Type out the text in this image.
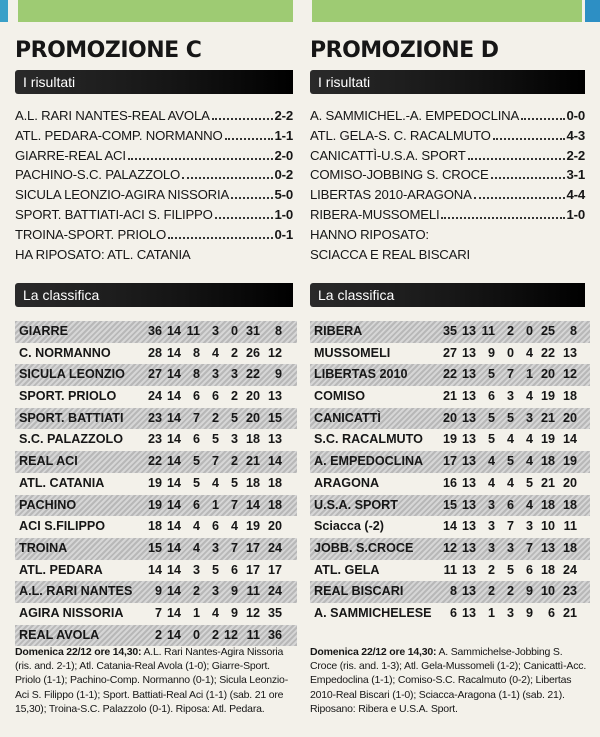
PROMOZIONE C
I risultati
A.L. RARI NANTES-REAL AVOLA	2-2
ATL. PEDARA-COMP. NORMANNO	1-1
GIARRE-REAL ACI	2-0
PACHINO-S.C. PALAZZOLO	0-2
SICULA LEONZIO-AGIRA NISSORIA	5-0
SPORT. BATTIATI-ACI S. FILIPPO	1-0
TROINA-SPORT. PRIOLO	0-1
HA RIPOSATO: ATL. CATANIA
La classifica
GIARRE	36 14 11 3 0 31	8
C. NORMANNO	28 14 8 4 2 26 12
SICULA LEONZIO	27 14 8 3 3 22	9
SPORT. PRIOLO	24 14 6 6 2 20 13
SPORT. BATTIATI	23 14 7 2 5 20 15
S.C. PALAZZOLO	23 14 6 5 3 18 13
REAL ACI	22 14 5 7 2 21 14
ATL. CATANIA	19 14 5 4 5 18 18
PACHINO	19 14 6 1 7 14 18
ACI S.FILIPPO	18 14 4 6 4 19 20
TROINA	15 14 4 3 7 17 24
ATL. PEDARA	14 14 3 5 6 17 17
A.L. RARI NANTES	9 14 2 3 9 11 24
AGIRA NISSORIA	7 14 1 4 9 12 35
REAL AVOLA	2 14 0 2 12 11 36
Domenica 22/12 ore 14,30: A.L. Rari Nantes-Agira Nissoria (ris. and. 2-1); Atl. Catania-Real Avola (1-0); Giarre-Sport. Priolo (1-1); Pachino-Comp. Normanno (0-1); Sicula Leonzio-Aci S. Filippo (1-1); Sport. Battiati-Real Aci (1-1) (sab. 21 ore 15,30); Troina-S.C. Palazzolo (0-1). Riposa: Atl. Pedara.
PROMOZIONE D
I risultati
A. SAMMICHEL.-A. EMPEDOCLINA	0-0
ATL. GELA-S. C. RACALMUTO	4-3
CANICATTÌ-U.S.A. SPORT	2-2
COMISO-JOBBING S. CROCE	3-1
LIBERTAS 2010-ARAGONA	4-4
RIBERA-MUSSOMELI	1-0
HANNO RIPOSATO:
SCIACCA E REAL BISCARI
La classifica
RIBERA	35 13 11 2 0 25	8
MUSSOMELI	27 13 9 0 4 22 13
LIBERTAS 2010	22 13 5 7 1 20 12
COMISO	21 13 6 3 4 19 18
CANICATTÌ	20 13 5 5 3 21 20
S.C. RACALMUTO	19 13 5 4 4 19 14
A. EMPEDOCLINA	17 13 4 5 4 18 19
ARAGONA	16 13 4 4 5 21 20
U.S.A. SPORT	15 13 3 6 4 18 18
Sciacca (-2)	14 13 3 7 3 10 11
JOBB. S.CROCE	12 13 3 3 7 13 18
ATL. GELA	11 13 2 5 6 18 24
REAL BISCARI	8 13 2 2 9 10 23
A. SAMMICHELESE	6 13 1 3 9	6 21
Domenica 22/12 ore 14,30: A. Sammichelse-Jobbing S. Croce (ris. and. 1-3); Atl. Gela-Mussomeli (1-2); Canicattì-Acc. Empedoclina (1-1); Comiso-S.C. Racalmuto (0-2); Libertas 2010-Real Biscari (1-0); Sciacca-Aragona (1-1) (sab. 21). Riposano: Ribera e U.S.A. Sport.
